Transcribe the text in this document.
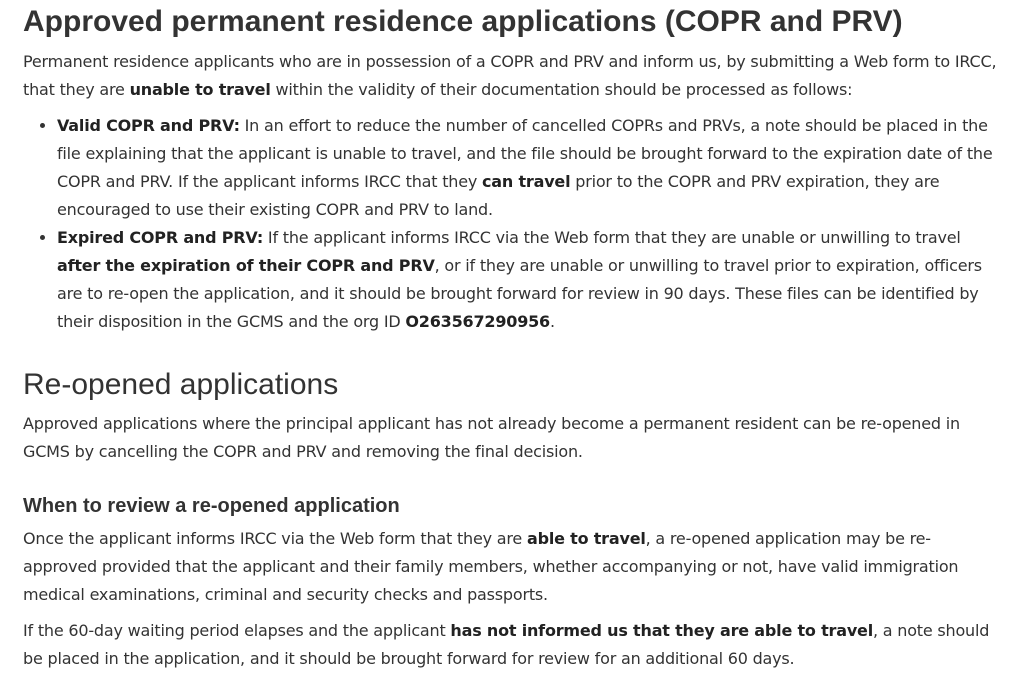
Approved permanent residence applications (COPR and PRV)

Permanent residence applicants who are in possession of a COPR and PRV and inform us, by submitting a Web form to IRCC, that they are unable to travel within the validity of their documentation should be processed as follows:

• Valid COPR and PRV: In an effort to reduce the number of cancelled COPRs and PRVs, a note should be placed in the file explaining that the applicant is unable to travel, and the file should be brought forward to the expiration date of the COPR and PRV. If the applicant informs IRCC that they can travel prior to the COPR and PRV expiration, they are encouraged to use their existing COPR and PRV to land.
• Expired COPR and PRV: If the applicant informs IRCC via the Web form that they are unable or unwilling to travel after the expiration of their COPR and PRV, or if they are unable or unwilling to travel prior to expiration, officers are to re-open the application, and it should be brought forward for review in 90 days. These files can be identified by their disposition in the GCMS and the org ID O263567290956.
Re-opened applications

Approved applications where the principal applicant has not already become a permanent resident can be re-opened in GCMS by cancelling the COPR and PRV and removing the final decision.

When to review a re-opened application

Once the applicant informs IRCC via the Web form that they are able to travel, a re-opened application may be re-approved provided that the applicant and their family members, whether accompanying or not, have valid immigration medical examinations, criminal and security checks and passports.

If the 60-day waiting period elapses and the applicant has not informed us that they are able to travel, a note should be placed in the application, and it should be brought forward for review for an additional 60 days.
